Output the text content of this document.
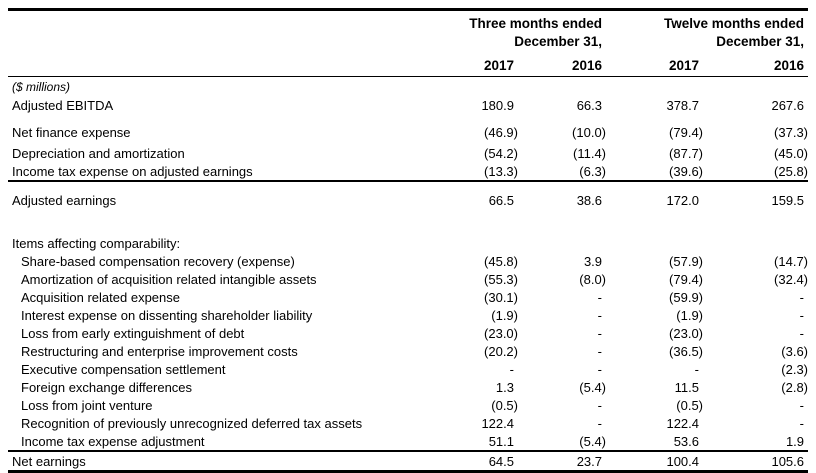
	Three months ended		Twelve months ended	
	December 31,		December 31,	
	2017	2016	2017	2016
($ millions)				
Adjusted EBITDA	180.9	66.3	378.7	267.6
Net finance expense	(46.9)	(10.0)	(79.4)	(37.3)
Depreciation and amortization	(54.2)	(11.4)	(87.7)	(45.0)
Income tax expense on adjusted earnings	(13.3)	(6.3)	(39.6)	(25.8)
Adjusted earnings	66.5	38.6	172.0	159.5

Items affecting comparability:				
Share-based compensation recovery (expense)	(45.8)	3.9	(57.9)	(14.7)
Amortization of acquisition related intangible assets	(55.3)	(8.0)	(79.4)	(32.4)
Acquisition related expense	(30.1)	-	(59.9)	-
Interest expense on dissenting shareholder liability	(1.9)	-	(1.9)	-
Loss from early extinguishment of debt	(23.0)	-	(23.0)	-
Restructuring and enterprise improvement costs	(20.2)	-	(36.5)	(3.6)
Executive compensation settlement	-	-	-	(2.3)
Foreign exchange differences	1.3	(5.4)	11.5	(2.8)
Loss from joint venture	(0.5)	-	(0.5)	-
Recognition of previously unrecognized deferred tax assets	122.4	-	122.4	-
Income tax expense adjustment	51.1	(5.4)	53.6	1.9
Net earnings	64.5	23.7	100.4	105.6
